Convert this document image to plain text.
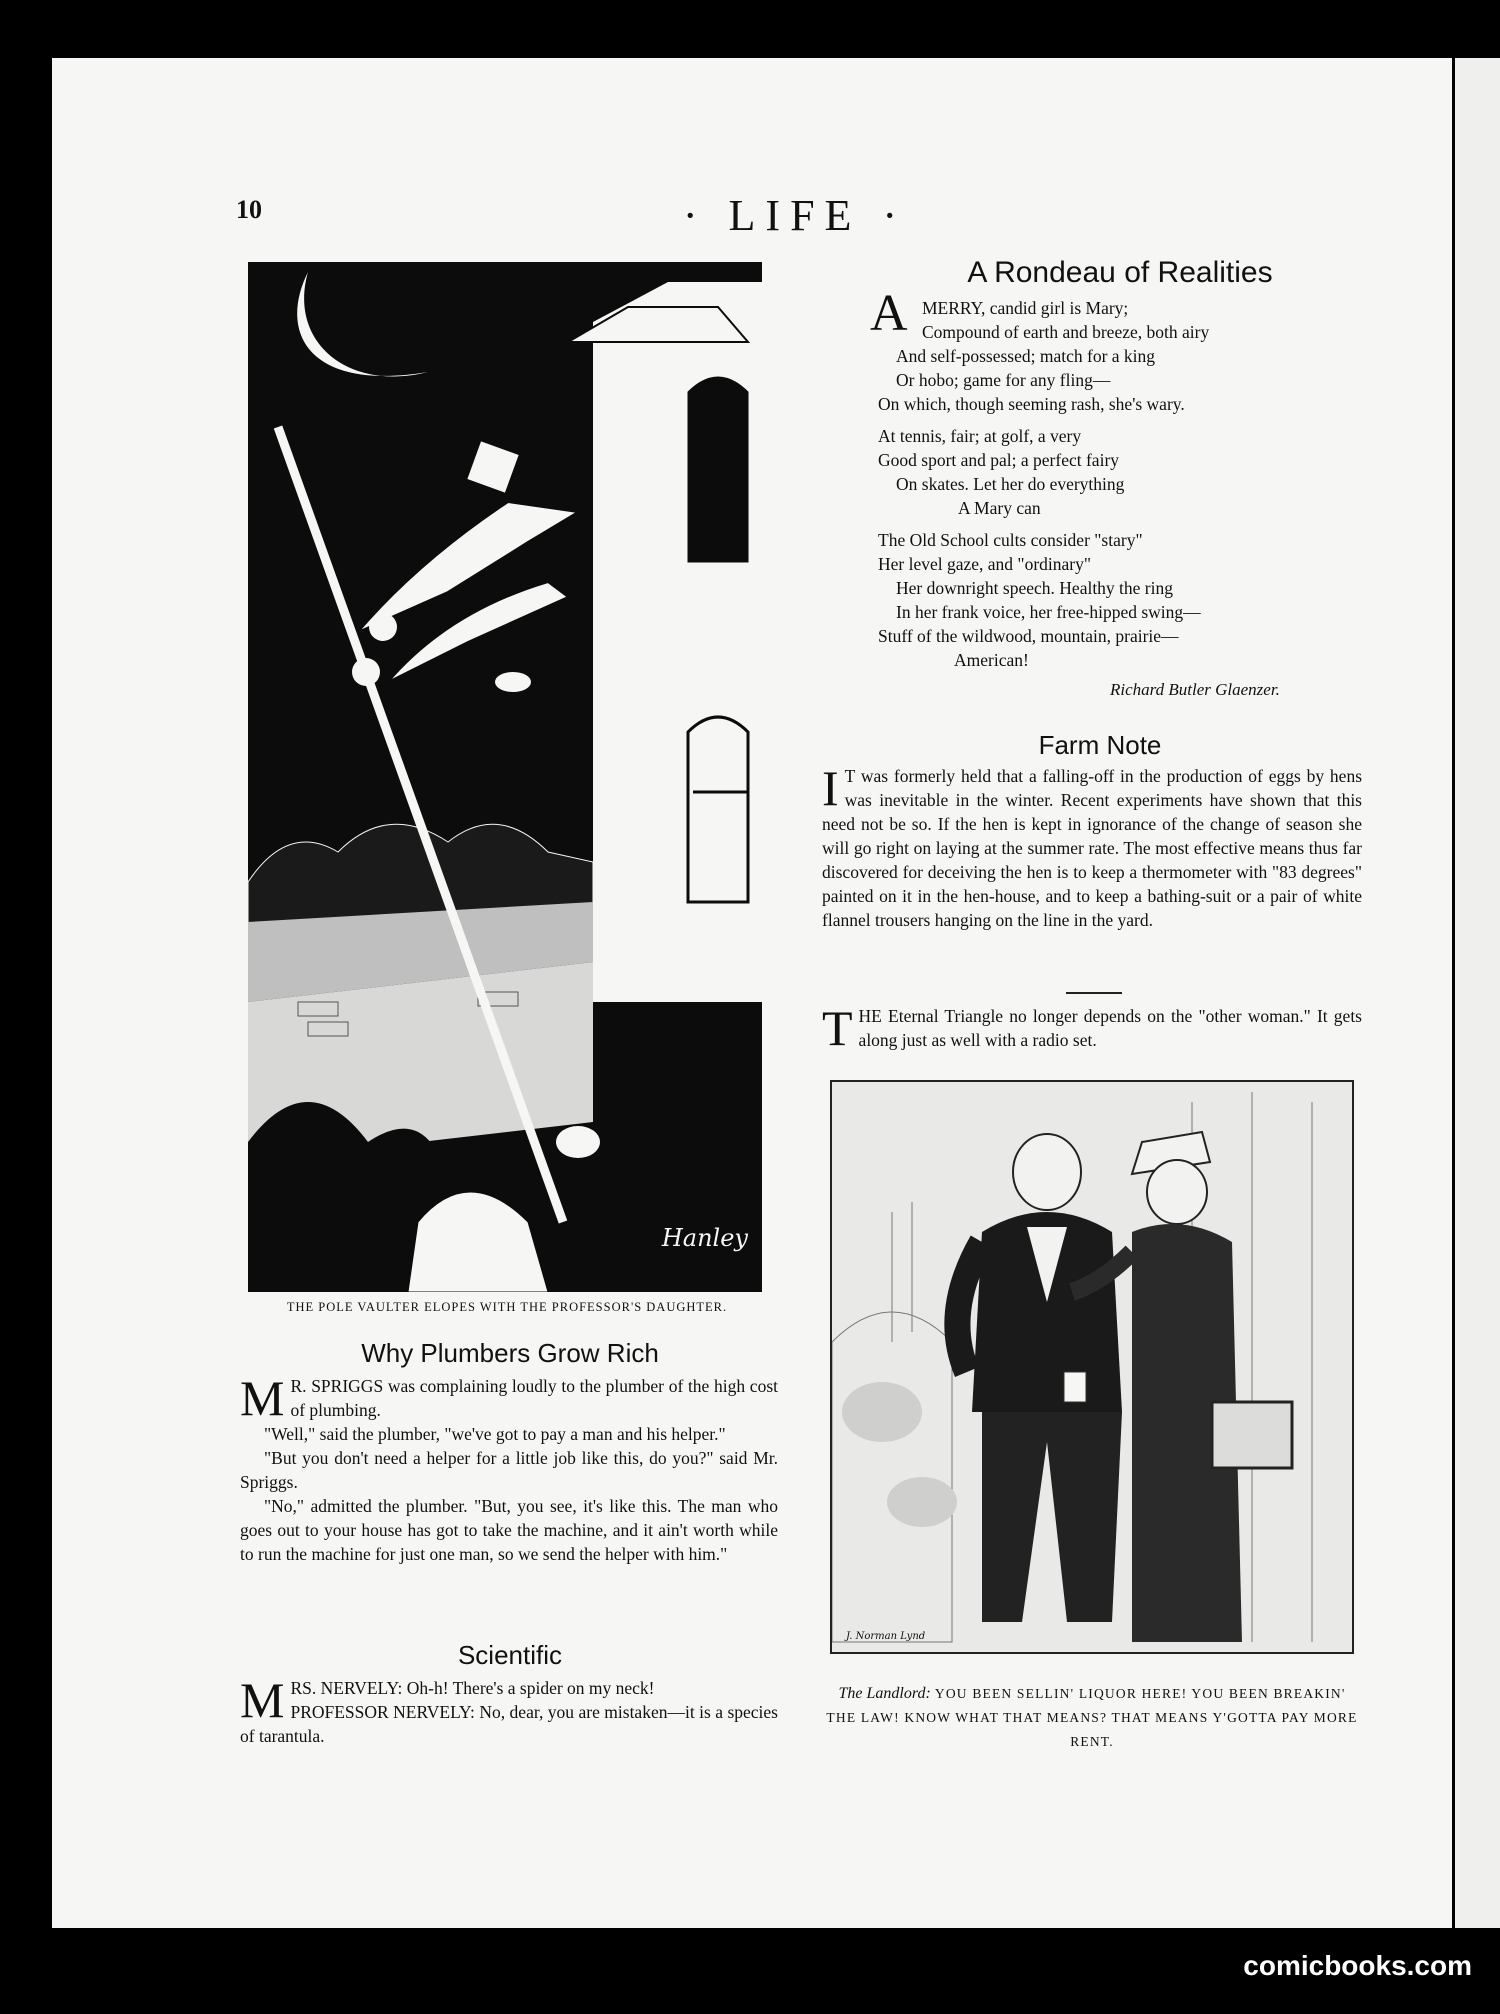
10	· LIFE ·
Hanley
THE POLE VAULTER ELOPES WITH THE PROFESSOR'S DAUGHTER.
Why Plumbers Grow Rich

M R. SPRIGGS was complaining loudly to the plumber of the high cost of plumbing.

"Well," said the plumber, "we've got to pay a man and his helper."

"But you don't need a helper for a little job like this, do you?" said Mr. Spriggs.

"No," admitted the plumber. "But, you see, it's like this. The man who goes out to your house has got to take the machine, and it ain't worth while to run the machine for just one man, so we send the helper with him."

Scientific

MRS. NERVELY: Oh-h! There's a spider on my neck!

PROFESSOR NERVELY: No, dear, you are mistaken—it is a species of tarantula.

A Rondeau of Realities
A MERRY, candid girl is Mary;
Compound of earth and breeze, both airy
And self-possessed; match for a king
Or hobo; game for any fling—
On which, though seeming rash, she's wary.
At tennis, fair; at golf, a very
Good sport and pal; a perfect fairy
On skates. Let her do everything
A Mary can
The Old School cults consider "stary"
Her level gaze, and "ordinary"
Her downright speech. Healthy the ring
In her frank voice, her free-hipped swing—
Stuff of the wildwood, mountain, prairie—
American!
Richard Butler Glaenzer.
Farm Note

I T was formerly held that a falling-off in the production of eggs by hens was inevitable in the winter. Recent experiments have shown that this need not be so. If the hen is kept in ignorance of the change of season she will go right on laying at the summer rate. The most effective means thus far discovered for deceiving the hen is to keep a thermometer with "83 degrees" painted on it in the hen-house, and to keep a bathing-suit or a pair of white flannel trousers hanging on the line in the yard.

THE Eternal Triangle no longer depends on the "other woman." It gets along just as well with a radio set.

J. Norman Lynd
The Landlord: YOU BEEN SELLIN' LIQUOR HERE! YOU BEEN BREAKIN' THE LAW! KNOW WHAT THAT MEANS? THAT MEANS Y'GOTTA PAY MORE RENT.
comicbooks.com
